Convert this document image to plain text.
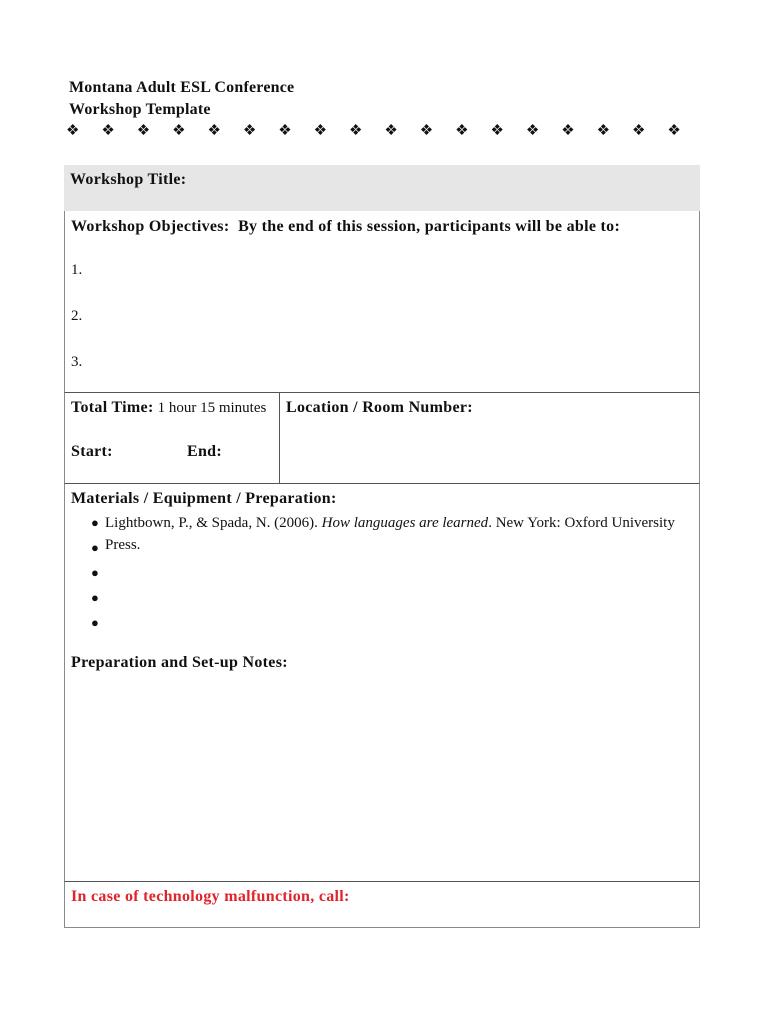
Montana Adult ESL Conference
Workshop Template
❖ ❖ ❖ ❖ ❖ ❖ ❖ ❖ ❖ ❖ ❖ ❖ ❖ ❖ ❖ ❖ ❖ ❖
Workshop Title:
Workshop Objectives: By the end of this session, participants will be able to:
1.
2.
3.
Total Time: 1 hour 15 minutes
Start:	End:
Location / Room Number:
Materials / Equipment / Preparation:
● Lightbown, P., & Spada, N. (2006). How languages are learned. New York: Oxford University Press.
●
●
●
●
Preparation and Set-up Notes:
In case of technology malfunction, call:
